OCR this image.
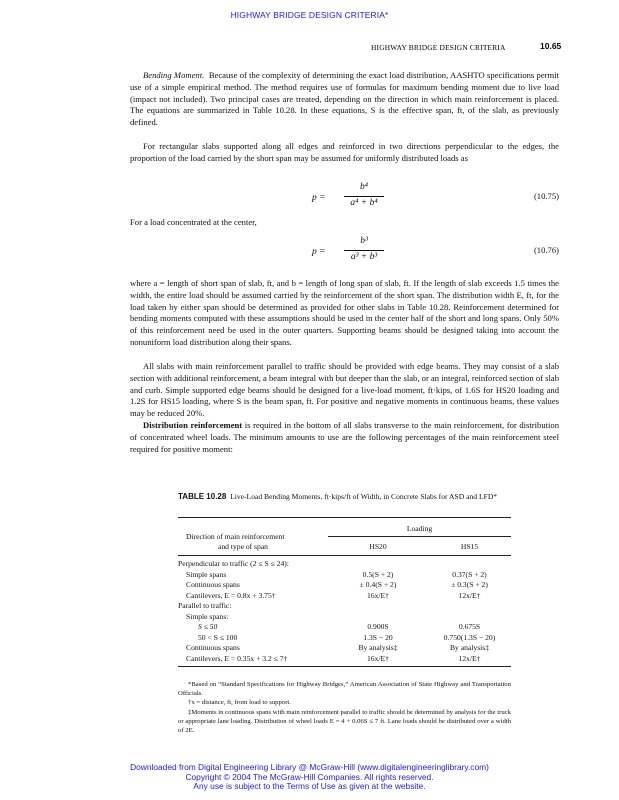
HIGHWAY BRIDGE DESIGN CRITERIA*
HIGHWAY BRIDGE DESIGN CRITERIA	10.65

Bending Moment. Because of the complexity of determining the exact load distribution, AASHTO specifications permit use of a simple empirical method. The method requires use of formulas for maximum bending moment due to live load (impact not included). Two principal cases are treated, depending on the direction in which main reinforcement is placed. The equations are summarized in Table 10.28. In these equations, S is the effective span, ft, of the slab, as previously defined.

For rectangular slabs supported along all edges and reinforced in two directions perpendicular to the edges, the proportion of the load carried by the short span may be assumed for uniformly distributed loads as

p =
b⁴
a⁴ + b⁴
(10.75)

For a load concentrated at the center,

p =
b³
a³ + b³
(10.76)

where a = length of short span of slab, ft, and b = length of long span of slab, ft. If the length of slab exceeds 1.5 times the width, the entire load should be assumed carried by the reinforcement of the short span. The distribution width E, ft, for the load taken by either span should be determined as provided for other slabs in Table 10.28. Reinforcement determined for bending moments computed with these assumptions should be used in the center half of the short and long spans. Only 50% of this reinforcement need be used in the outer quarters. Supporting beams should be designed taking into account the nonuniform load distribution along their spans.

All slabs with main reinforcement parallel to traffic should be provided with edge beams. They may consist of a slab section with additional reinforcement, a beam integral with but deeper than the slab, or an integral, reinforced section of slab and curb. Simple supported edge beams should be designed for a live-load moment, ft·kips, of 1.6S for HS20 loading and 1.2S for HS15 loading, where S is the beam span, ft. For positive and negative moments in continuous beams, these values may be reduced 20%.

Distribution reinforcement is required in the bottom of all slabs transverse to the main reinforcement, for distribution of concentrated wheel loads. The minimum amounts to use are the following percentages of the main reinforcement steel required for positive moment:

TABLE 10.28 Live-Load Bending Moments, ft·kips/ft of Width, in Concrete Slabs for ASD and LFD*
Direction of main reinforcement
and type of span
Loading
HS20	HS15
Perpendicular to traffic (2 ≤ S ≤ 24):
Simple spans	0.5(S + 2)	0.37(S + 2)
Continuous spans	± 0.4(S + 2)	± 0.3(S + 2)
Cantilevers, E = 0.8x + 3.75†	16x/E†	12x/E†
Parallel to traffic:
Simple spans:
S ≤ 50	0.900S	0.675S
50 < S ≤ 100	1.3S − 20	0.750(1.3S − 20)
Continuous spans	By analysis‡	By analysis‡
Cantilevers, E = 0.35x + 3.2 ≤ 7†	16x/E†	12x/E†
*Based on “Standard Specifications for Highway Bridges,” American Association of State Highway and Transportation Officials.
†x = distance, ft, from load to support.
‡Moments in continuous spans with main reinforcement parallel to traffic should be determined by analysis for the truck or appropriate lane loading. Distribution of wheel loads E = 4 + 0.06S ≤ 7 ft. Lane loads should be distributed over a width of 2E.
Downloaded from Digital Engineering Library @ McGraw-Hill (www.digitalengineeringlibrary.com)
Copyright © 2004 The McGraw-Hill Companies. All rights reserved.
Any use is subject to the Terms of Use as given at the website.
